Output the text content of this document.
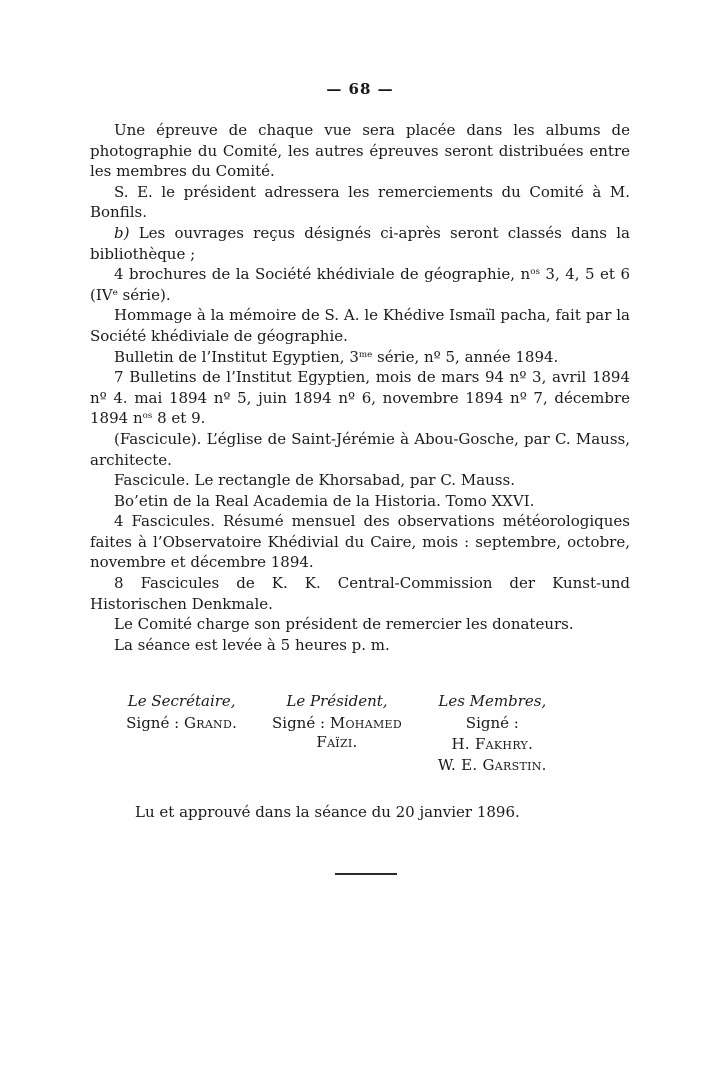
— 68 —

Une épreuve de chaque vue sera placée dans les albums de photographie du Comité, les autres épreuves seront distribuées entre les membres du Comité.

S. E. le président adressera les remerciements du Comité à M. Bonfils.

b) Les ouvrages reçus désignés ci-après seront classés dans la bibliothèque ;

4 brochures de la Société khédiviale de géographie, $n^{os}$ 3, 4, 5 et 6 (IVe série).

Hommage à la mémoire de S. A. le Khédive Ismaïl pacha, fait par la Société khédiviale de géographie.

Bulletin de l’Institut Egyptien, $3^{me}$ série, nº 5, année 1894.

7 Bulletins de l’Institut Egyptien, mois de mars 94 nº 3, avril 1894 nº 4. mai 1894 nº 5, juin 1894 nº 6, novembre 1894 nº 7, décembre 1894 $n^{os}$ 8 et 9.

(Fascicule). L’église de Saint-Jérémie à Abou-Gosche, par C. Mauss, architecte.

Fascicule. Le rectangle de Khorsabad, par C. Mauss.

Bo’etin de la Real Academia de la Historia. Tomo XXVI.

4 Fascicules. Résumé mensuel des observations météorologiques faites à l’Observatoire Khédivial du Caire, mois : septembre, octobre, novembre et décembre 1894.

8 Fascicules de K. K. Central-Commission der Kunst-und Historischen Denkmale.

Le Comité charge son président de remercier les donateurs.

La séance est levée à 5 heures p. m.

Le Secrétaire,
Signé : Grand.
Le Président,
Signé : Mohamed Faïzi.
Les Membres,
Signé :
H. Fakhry.
W. E. Garstin.
Lu et approuvé dans la séance du 20 janvier 1896.
